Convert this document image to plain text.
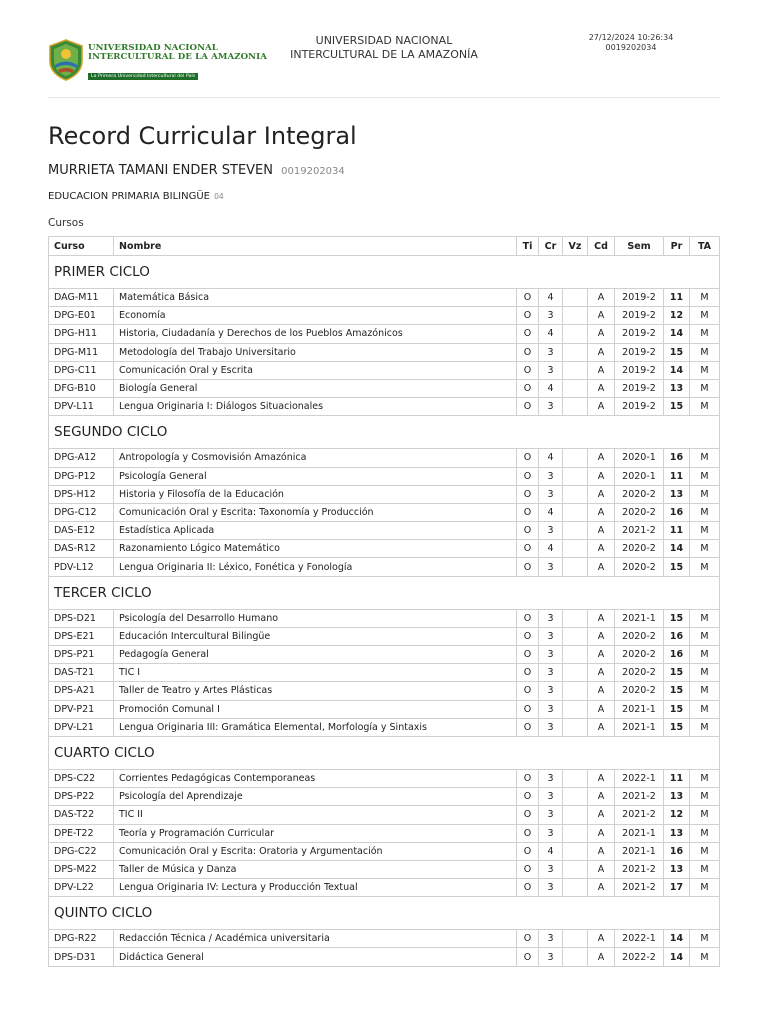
UNIVERSIDAD NACIONAL
INTERCULTURAL DE LA AMAZONIA
La Primera Universidad Intercultural del País
UNIVERSIDAD NACIONAL
INTERCULTURAL DE LA AMAZONÍA
27/12/2024 10:26:34
0019202034
Record Curricular Integral
MURRIETA TAMANI ENDER STEVEN 0019202034
EDUCACION PRIMARIA BILINGÜE 04
Cursos
Curso	Nombre	Ti	Cr	Vz	Cd	Sem	Pr	TA
PRIMER CICLO								
DAG-M11	Matemática Básica	O	4		A	2019-2	11	M
DPG-E01	Economía	O	3		A	2019-2	12	M
DPG-H11	Historia, Ciudadanía y Derechos de los Pueblos Amazónicos	O	4		A	2019-2	14	M
DPG-M11	Metodología del Trabajo Universitario	O	3		A	2019-2	15	M
DPG-C11	Comunicación Oral y Escrita	O	3		A	2019-2	14	M
DFG-B10	Biología General	O	4		A	2019-2	13	M
DPV-L11	Lengua Originaria I: Diálogos Situacionales	O	3		A	2019-2	15	M
SEGUNDO CICLO								
DPG-A12	Antropología y Cosmovisión Amazónica	O	4		A	2020-1	16	M
DPG-P12	Psicología General	O	3		A	2020-1	11	M
DPS-H12	Historia y Filosofía de la Educación	O	3		A	2020-2	13	M
DPG-C12	Comunicación Oral y Escrita: Taxonomía y Producción	O	4		A	2020-2	16	M
DAS-E12	Estadística Aplicada	O	3		A	2021-2	11	M
DAS-R12	Razonamiento Lógico Matemático	O	4		A	2020-2	14	M
PDV-L12	Lengua Originaria II: Léxico, Fonética y Fonología	O	3		A	2020-2	15	M
TERCER CICLO								
DPS-D21	Psicología del Desarrollo Humano	O	3		A	2021-1	15	M
DPS-E21	Educación Intercultural Bilingüe	O	3		A	2020-2	16	M
DPS-P21	Pedagogía General	O	3		A	2020-2	16	M
DAS-T21	TIC I	O	3		A	2020-2	15	M
DPS-A21	Taller de Teatro y Artes Plásticas	O	3		A	2020-2	15	M
DPV-P21	Promoción Comunal I	O	3		A	2021-1	15	M
DPV-L21	Lengua Originaria III: Gramática Elemental, Morfología y Sintaxis	O	3		A	2021-1	15	M
CUARTO CICLO								
DPS-C22	Corrientes Pedagógicas Contemporaneas	O	3		A	2022-1	11	M
DPS-P22	Psicología del Aprendizaje	O	3		A	2021-2	13	M
DAS-T22	TIC II	O	3		A	2021-2	12	M
DPE-T22	Teoría y Programación Curricular	O	3		A	2021-1	13	M
DPG-C22	Comunicación Oral y Escrita: Oratoria y Argumentación	O	4		A	2021-1	16	M
DPS-M22	Taller de Música y Danza	O	3		A	2021-2	13	M
DPV-L22	Lengua Originaria IV: Lectura y Producción Textual	O	3		A	2021-2	17	M
QUINTO CICLO								
DPG-R22	Redacción Técnica / Académica universitaria	O	3		A	2022-1	14	M
DPS-D31	Didáctica General	O	3		A	2022-2	14	M
